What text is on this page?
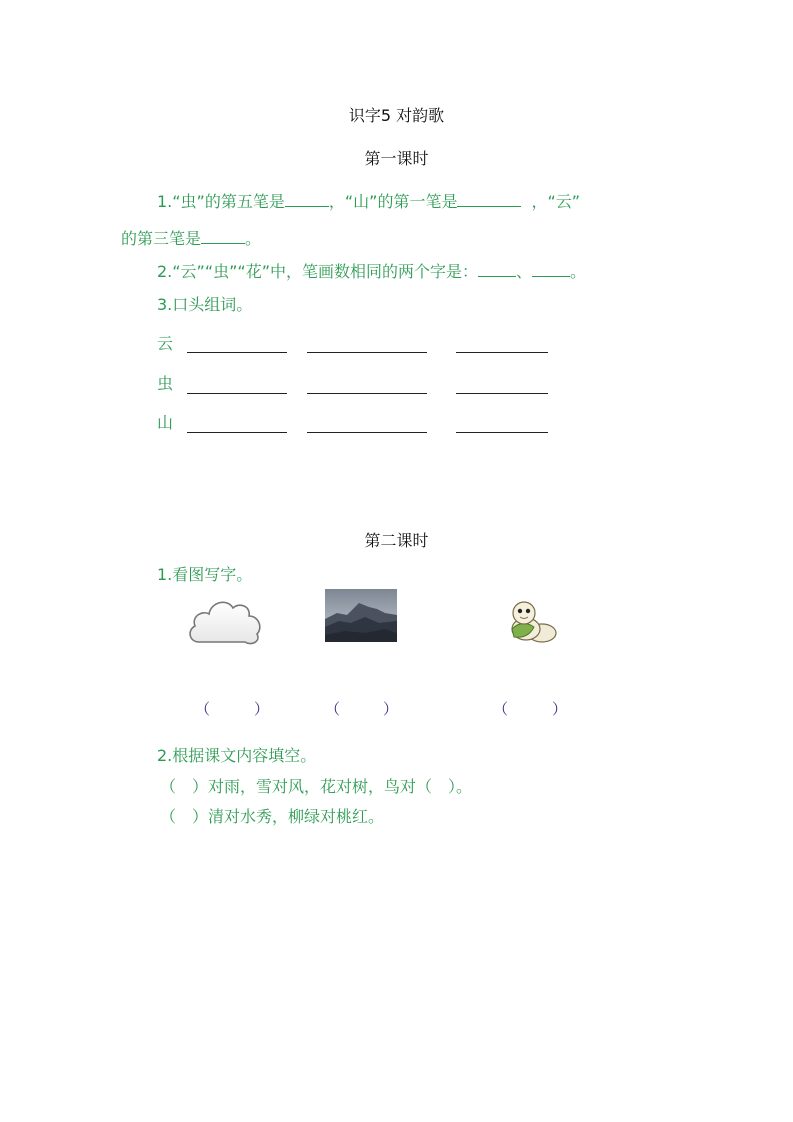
识字5 对韵歌
第一课时
1.“虫”的第五笔是	，“山”的第一笔是	，“云”
的第三笔是	。
2.“云”“虫”“花”中，笔画数相同的两个字是： 、 。
3.口头组词。
云
虫
山
第二课时
1.看图写字。
（	）	（	）	（	）
2.根据课文内容填空。
（　）对雨，雪对风，花对树，鸟对（　）。
（　）清对水秀，柳绿对桃红。
